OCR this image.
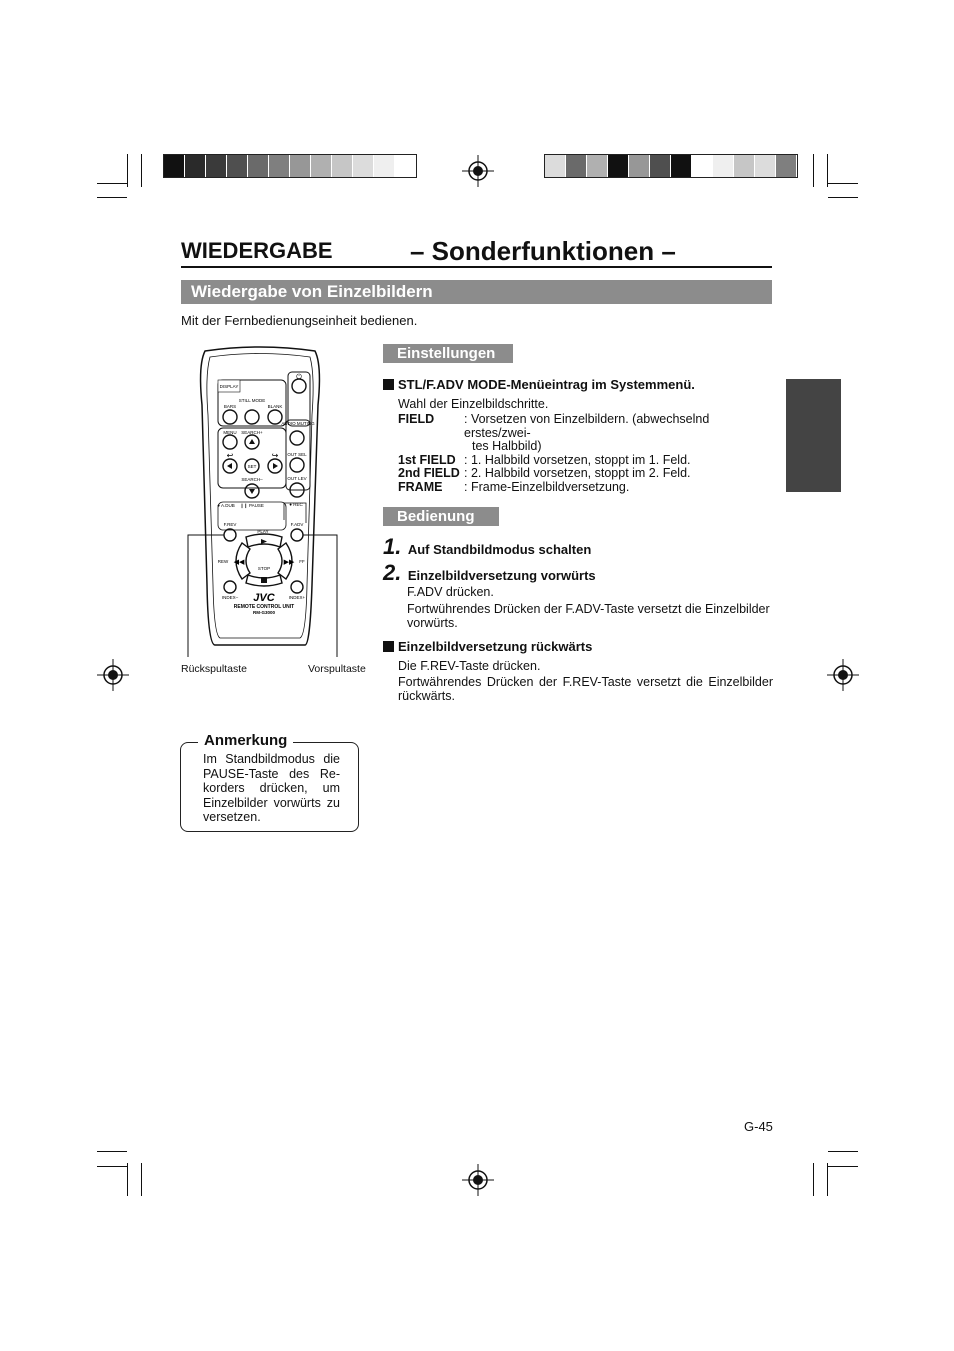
WIEDERGABE	– Sonderfunktionen –
Wiedergabe von Einzelbildern
Mit der Fernbedienungseinheit bedienen.
Einstellungen
STL/F.ADV MODE-Menüeintrag im Systemmenü.
Wahl der Einzelbildschritte.
FIELD	: Vorsetzen von Einzelbildern. (abwechselnd erstes/zwei-
tes Halbbild)
1st FIELD : 1. Halbbild vorsetzen, stoppt im 1. Feld.
2nd FIELD : 2. Halbbild vorsetzen, stoppt im 2. Feld.
FRAME	: Frame-Einzelbildversetzung.
Bedienung
1. Auf Standbildmodus schalten
2. Einzelbildversetzung vorwürts
F.ADV drücken.
Fortwührendes Drücken der F.ADV-Taste versetzt die Einzelbilder vorwürts.
Einzelbildversetzung rückwärts
Die F.REV-Taste drücken.
Fortwährendes Drücken der F.REV-Taste versetzt die Einzelbilder rückwärts.
DISPLAY
⏻
STILL MODE
BARS	BLANK
AUDIO MUTING
MENU SEARCH+
↩	↪
SET
OUT SEL
SEARCH–	OUT LEV
● A.DUB ❙❙ PAUSE	● REC
F.REV	F.ADV
PLAY
REW ◀◀	FF
▶▶
STOP
INDEX–	INDEX+
JVC
REMOTE CONTROL UNIT
RM-G3000
Rückspultaste	Vorspultaste
Anmerkung
Im Standbildmodus die PAUSE-Taste des Re-korders drücken, um Einzelbilder vorwürts zu versetzen.
G-45
